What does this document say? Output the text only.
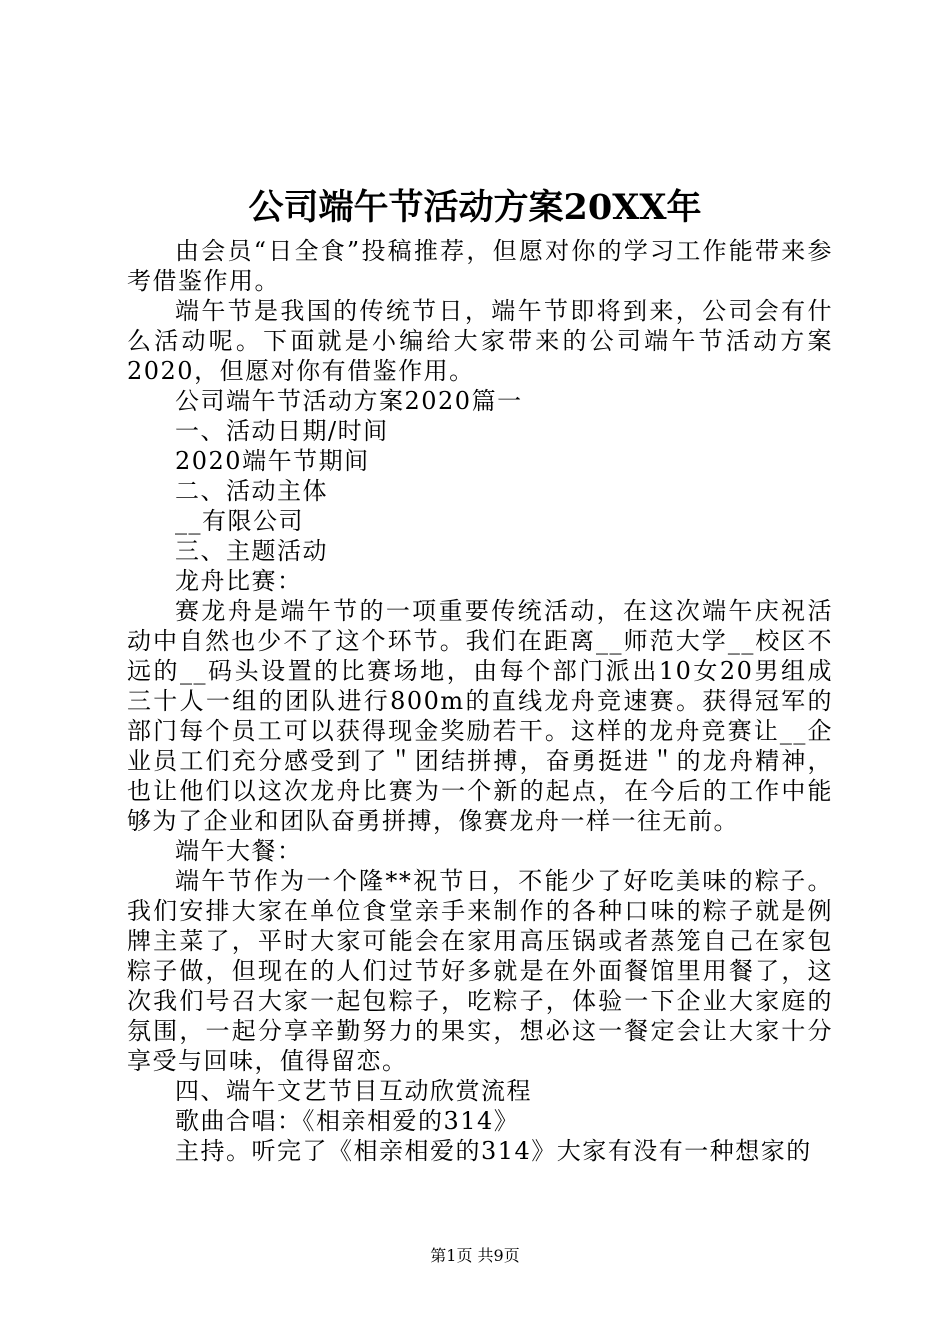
公司端午节活动方案20XX年

由会员“日全食”投稿推荐，但愿对你的学习工作能带来参考借鉴作用。

端午节是我国的传统节日，端午节即将到来，公司会有什么活动呢。下面就是小编给大家带来的公司端午节活动方案2020，但愿对你有借鉴作用。

公司端午节活动方案2020篇一

一、活动日期/时间

2020端午节期间

二、活动主体

__有限公司

三、主题活动

龙舟比赛：

赛龙舟是端午节的一项重要传统活动，在这次端午庆祝活动中自然也少不了这个环节。我们在距离__师范大学__校区不远的__码头设置的比赛场地，由每个部门派出10女20男组成三十人一组的团队进行800m的直线龙舟竞速赛。获得冠军的部门每个员工可以获得现金奖励若干。这样的龙舟竞赛让__企业员工们充分感受到了＂团结拼搏，奋勇挺进＂的龙舟精神，也让他们以这次龙舟比赛为一个新的起点，在今后的工作中能够为了企业和团队奋勇拼搏，像赛龙舟一样一往无前。

端午大餐：

端午节作为一个隆**祝节日，不能少了好吃美味的粽子。我们安排大家在单位食堂亲手来制作的各种口味的粽子就是例牌主菜了，平时大家可能会在家用高压锅或者蒸笼自己在家包粽子做，但现在的人们过节好多就是在外面餐馆里用餐了，这次我们号召大家一起包粽子，吃粽子，体验一下企业大家庭的氛围，一起分享辛勤努力的果实，想必这一餐定会让大家十分享受与回味，值得留恋。

四、端午文艺节目互动欣赏流程

歌曲合唱：《相亲相爱的314》

主持。听完了《相亲相爱的314》大家有没有一种想家的

第1页 共9页
